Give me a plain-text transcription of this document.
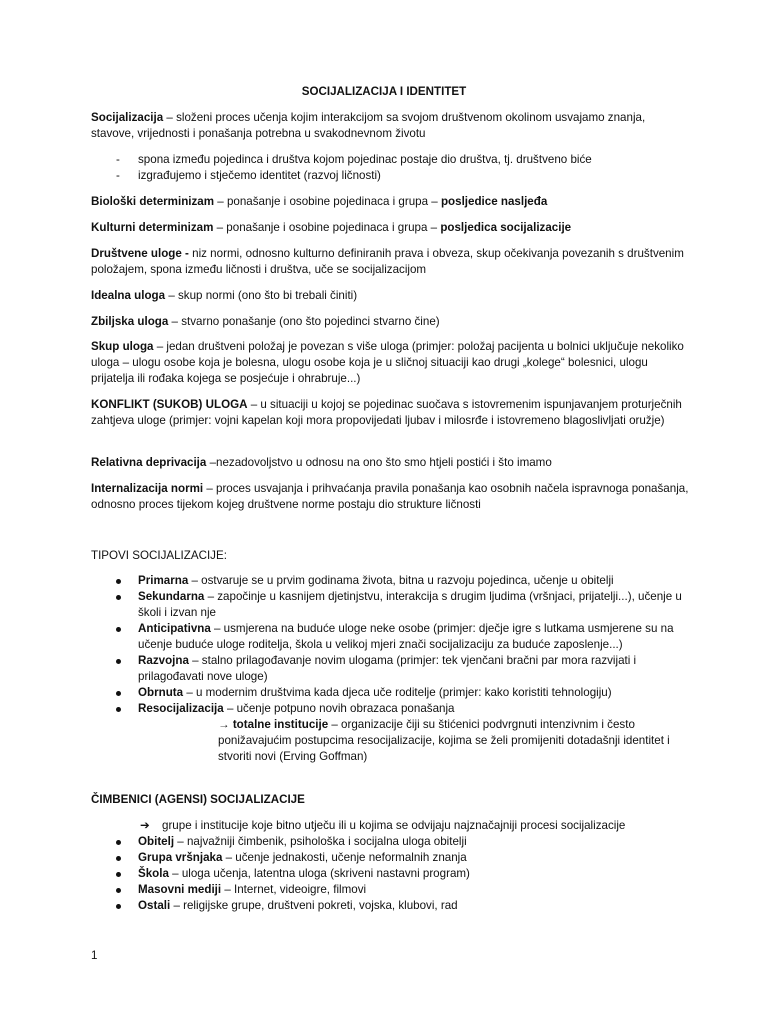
SOCIJALIZACIJA I IDENTITET

Socijalizacija – složeni proces učenja kojim interakcijom sa svojom društvenom okolinom usvajamo znanja, stavove, vrijednosti i ponašanja potrebna u svakodnevnom životu

- spona između pojedinca i društva kojom pojedinac postaje dio društva, tj. društveno biće
- izgrađujemo i stječemo identitet (razvoj ličnosti)

Biološki determinizam – ponašanje i osobine pojedinaca i grupa – posljedice nasljeđa

Kulturni determinizam – ponašanje i osobine pojedinaca i grupa – posljedica socijalizacije

Društvene uloge - niz normi, odnosno kulturno definiranih prava i obveza, skup očekivanja povezanih s društvenim položajem, spona između ličnosti i društva, uče se socijalizacijom

Idealna uloga – skup normi (ono što bi trebali činiti)

Zbiljska uloga – stvarno ponašanje (ono što pojedinci stvarno čine)

Skup uloga – jedan društveni položaj je povezan s više uloga (primjer: položaj pacijenta u bolnici uključuje nekoliko uloga – ulogu osobe koja je bolesna, ulogu osobe koja je u sličnoj situaciji kao drugi „kolege“ bolesnici, ulogu prijatelja ili rođaka kojega se posjećuje i ohrabruje...)

KONFLIKT (SUKOB) ULOGA – u situaciji u kojoj se pojedinac suočava s istovremenim ispunjavanjem proturječnih zahtjeva uloge (primjer: vojni kapelan koji mora propovijedati ljubav i milosrđe i istovremeno blagoslivljati oružje)

Relativna deprivacija –nezadovoljstvo u odnosu na ono što smo htjeli postići i što imamo

Internalizacija normi – proces usvajanja i prihvaćanja pravila ponašanja kao osobnih načela ispravnoga ponašanja, odnosno proces tijekom kojeg društvene norme postaju dio strukture ličnosti

TIPOVI SOCIJALIZACIJE:
Primarna – ostvaruje se u prvim godinama života, bitna u razvoju pojedinca, učenje u obitelji
Sekundarna – započinje u kasnijem djetinjstvu, interakcija s drugim ljudima (vršnjaci, prijatelji...), učenje u školi i izvan nje
Anticipativna – usmjerena na buduće uloge neke osobe (primjer: dječje igre s lutkama usmjerene su na učenje buduće uloge roditelja, škola u velikoj mjeri znači socijalizaciju za buduće zaposlenje...)
Razvojna – stalno prilagođavanje novim ulogama (primjer: tek vjenčani bračni par mora razvijati i prilagođavati nove uloge)
Obrnuta – u modernim društvima kada djeca uče roditelje (primjer: kako koristiti tehnologiju)
Resocijalizacija – učenje potpuno novih obrazaca ponašanja
→ totalne institucije – organizacije čiji su štićenici podvrgnuti intenzivnim i često ponižavajućim postupcima resocijalizacije, kojima se želi promijeniti dotadašnji identitet i stvoriti novi (Erving Goffman)
ČIMBENICI (AGENSI) SOCIJALIZACIJE
➔ grupe i institucije koje bitno utječu ili u kojima se odvijaju najznačajniji procesi socijalizacije
Obitelj – najvažniji čimbenik, psihološka i socijalna uloga obitelji
Grupa vršnjaka – učenje jednakosti, učenje neformalnih znanja
Škola – uloga učenja, latentna uloga (skriveni nastavni program)
Masovni mediji – Internet, videoigre, filmovi
Ostali – religijske grupe, društveni pokreti, vojska, klubovi, rad
1
